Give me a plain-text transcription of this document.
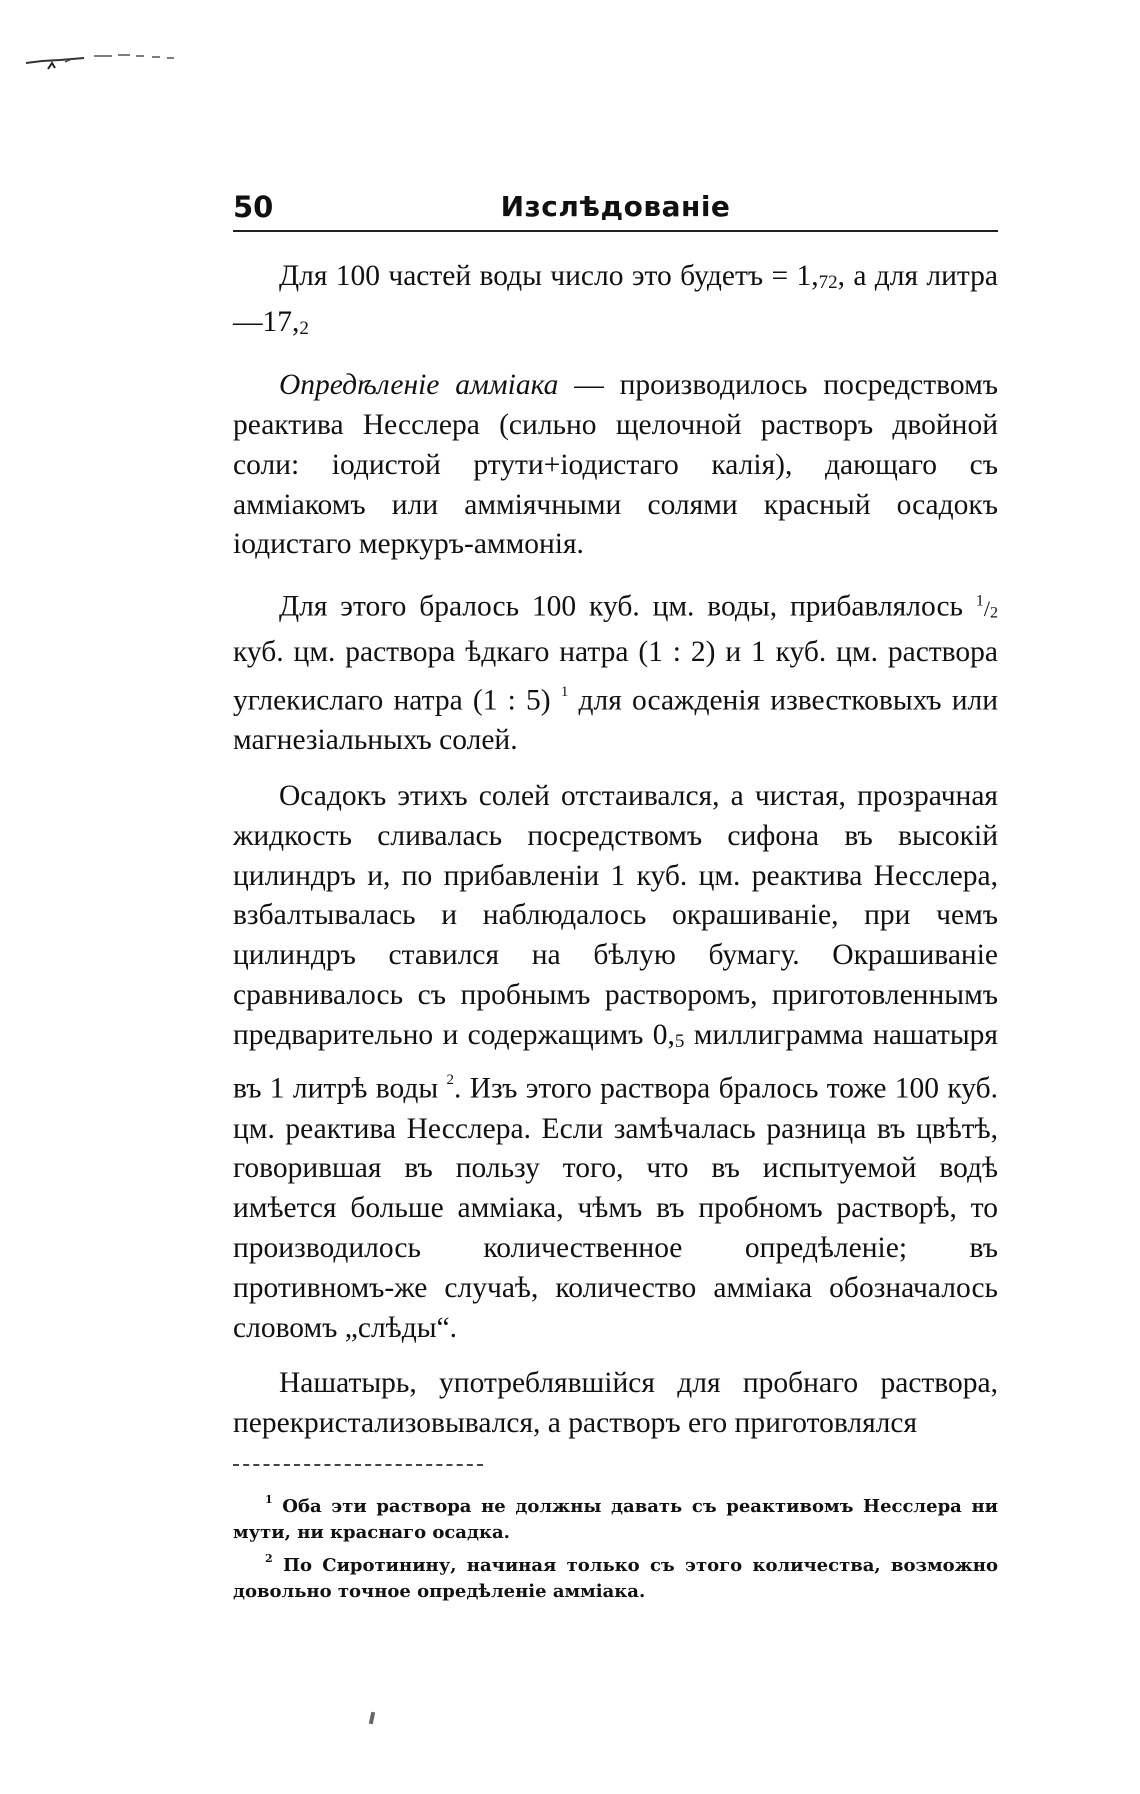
50	Изслѣдованіе

Для 100 частей воды число это будетъ = 1,72, а для литра—17,2

Опредѣленіе аммiака — производилось посредствомъ реактива Несслера (сильно щелочной растворъ двойной соли: іодистой ртути+іодистаго калія), дающаго съ амміакомъ или амміячными солями красный осадокъ іодистаго меркуръ-аммонія.

Для этого бралось 100 куб. цм. воды, прибавлялось $^1$/2 куб. цм. раствора ѣдкаго натра (1 : 2) и 1 куб. цм. раствора углекислаго натра (1 : 5) $^1$ для осажденія известковыхъ или магнезіальныхъ солей.

Осадокъ этихъ солей отстаивался, а чистая, прозрачная жидкость сливалась посредствомъ сифона въ высокій цилиндръ и, по прибавленіи 1 куб. цм. реактива Несслера, взбалтывалась и наблюдалось окрашиваніе, при чемъ цилиндръ ставился на бѣлую бумагу. Окрашиваніе сравнивалось съ пробнымъ растворомъ, приготовленнымъ предварительно и содержащимъ 0,5 миллиграмма нашатыря въ 1 литрѣ воды $^2$. Изъ этого раствора бралось тоже 100 куб. цм. реактива Несслера. Если замѣчалась разница въ цвѣтѣ, говорившая въ пользу того, что въ испытуемой водѣ имѣется больше амміака, чѣмъ въ пробномъ растворѣ, то производилось количественное опредѣленіе; въ противномъ-же случаѣ, количество амміака обозначалось словомъ „слѣды“.

Нашатырь, употреблявшійся для пробнаго раствора, перекристализовывался, а растворъ его приготовлялся

$^1$ Оба эти раствора не должны давать съ реактивомъ Несслера ни мути, ни краснаго осадка.

$^2$ По Сиротинину, начиная только съ этого количества, возможно довольно точное опредѣленіе амміака.
